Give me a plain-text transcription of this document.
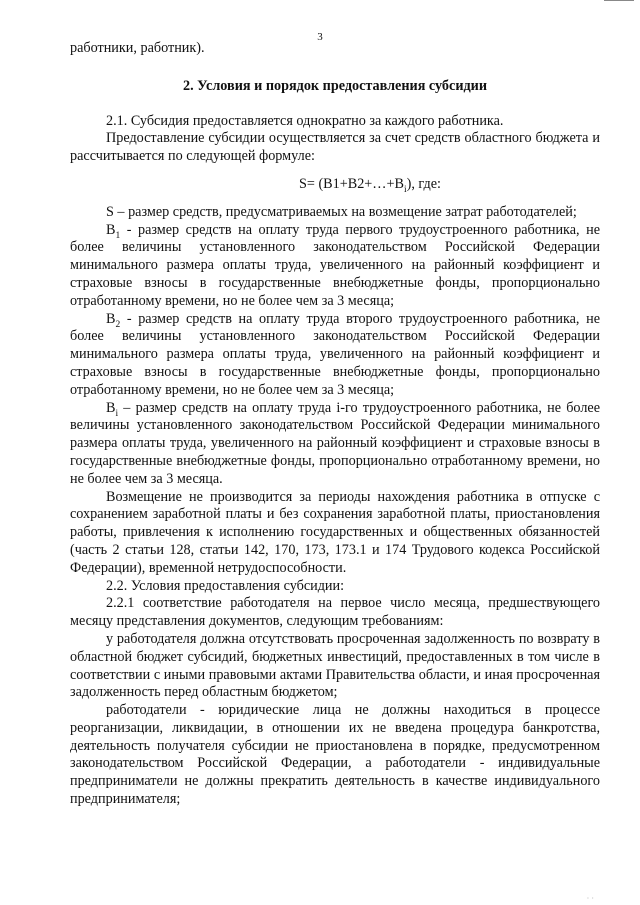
3

работники, работник).

2. Условия и порядок предоставления субсидии

2.1. Субсидия предоставляется однократно за каждого работника.

Предоставление субсидии осуществляется за счет средств областного бюджета и рассчитывается по следующей формуле:

$S= (В1+В2+\dots+В_i)$, где:

S – размер средств, предусматриваемых на возмещение затрат работодателей;

$В_1$ - размер средств на оплату труда первого трудоустроенного работника, не более величины установленного законодательством Российской Федерации минимального размера оплаты труда, увеличенного на районный коэффициент и страховые взносы в государственные внебюджетные фонды, пропорционально отработанному времени, но не более чем за 3 месяца;

$В_2$ - размер средств на оплату труда второго трудоустроенного работника, не более величины установленного законодательством Российской Федерации минимального размера оплаты труда, увеличенного на районный коэффициент и страховые взносы в государственные внебюджетные фонды, пропорционально отработанному времени, но не более чем за 3 месяца;

$В_i$ – размер средств на оплату труда i-го трудоустроенного работника, не более величины установленного законодательством Российской Федерации минимального размера оплаты труда, увеличенного на районный коэффициент и страховые взносы в государственные внебюджетные фонды, пропорционально отработанному времени, но не более чем за 3 месяца.

Возмещение не производится за периоды нахождения работника в отпуске с сохранением заработной платы и без сохранения заработной платы, приостановления работы, привлечения к исполнению государственных и общественных обязанностей (часть 2 статьи 128, статьи 142, 170, 173, 173.1 и 174 Трудового кодекса Российской Федерации), временной нетрудоспособности.

2.2. Условия предоставления субсидии:

2.2.1 соответствие работодателя на первое число месяца, предшествующего месяцу представления документов, следующим требованиям:

у работодателя должна отсутствовать просроченная задолженность по возврату в областной бюджет субсидий, бюджетных инвестиций, предоставленных в том числе в соответствии с иными правовыми актами Правительства области, и иная просроченная задолженность перед областным бюджетом;

работодатели - юридические лица не должны находиться в процессе реорганизации, ликвидации, в отношении их не введена процедура банкротства, деятельность получателя субсидии не приостановлена в порядке, предусмотренном законодательством Российской Федерации, а работодатели - индивидуальные предприниматели не должны прекратить деятельность в качестве индивидуального предпринимателя;

· ·
